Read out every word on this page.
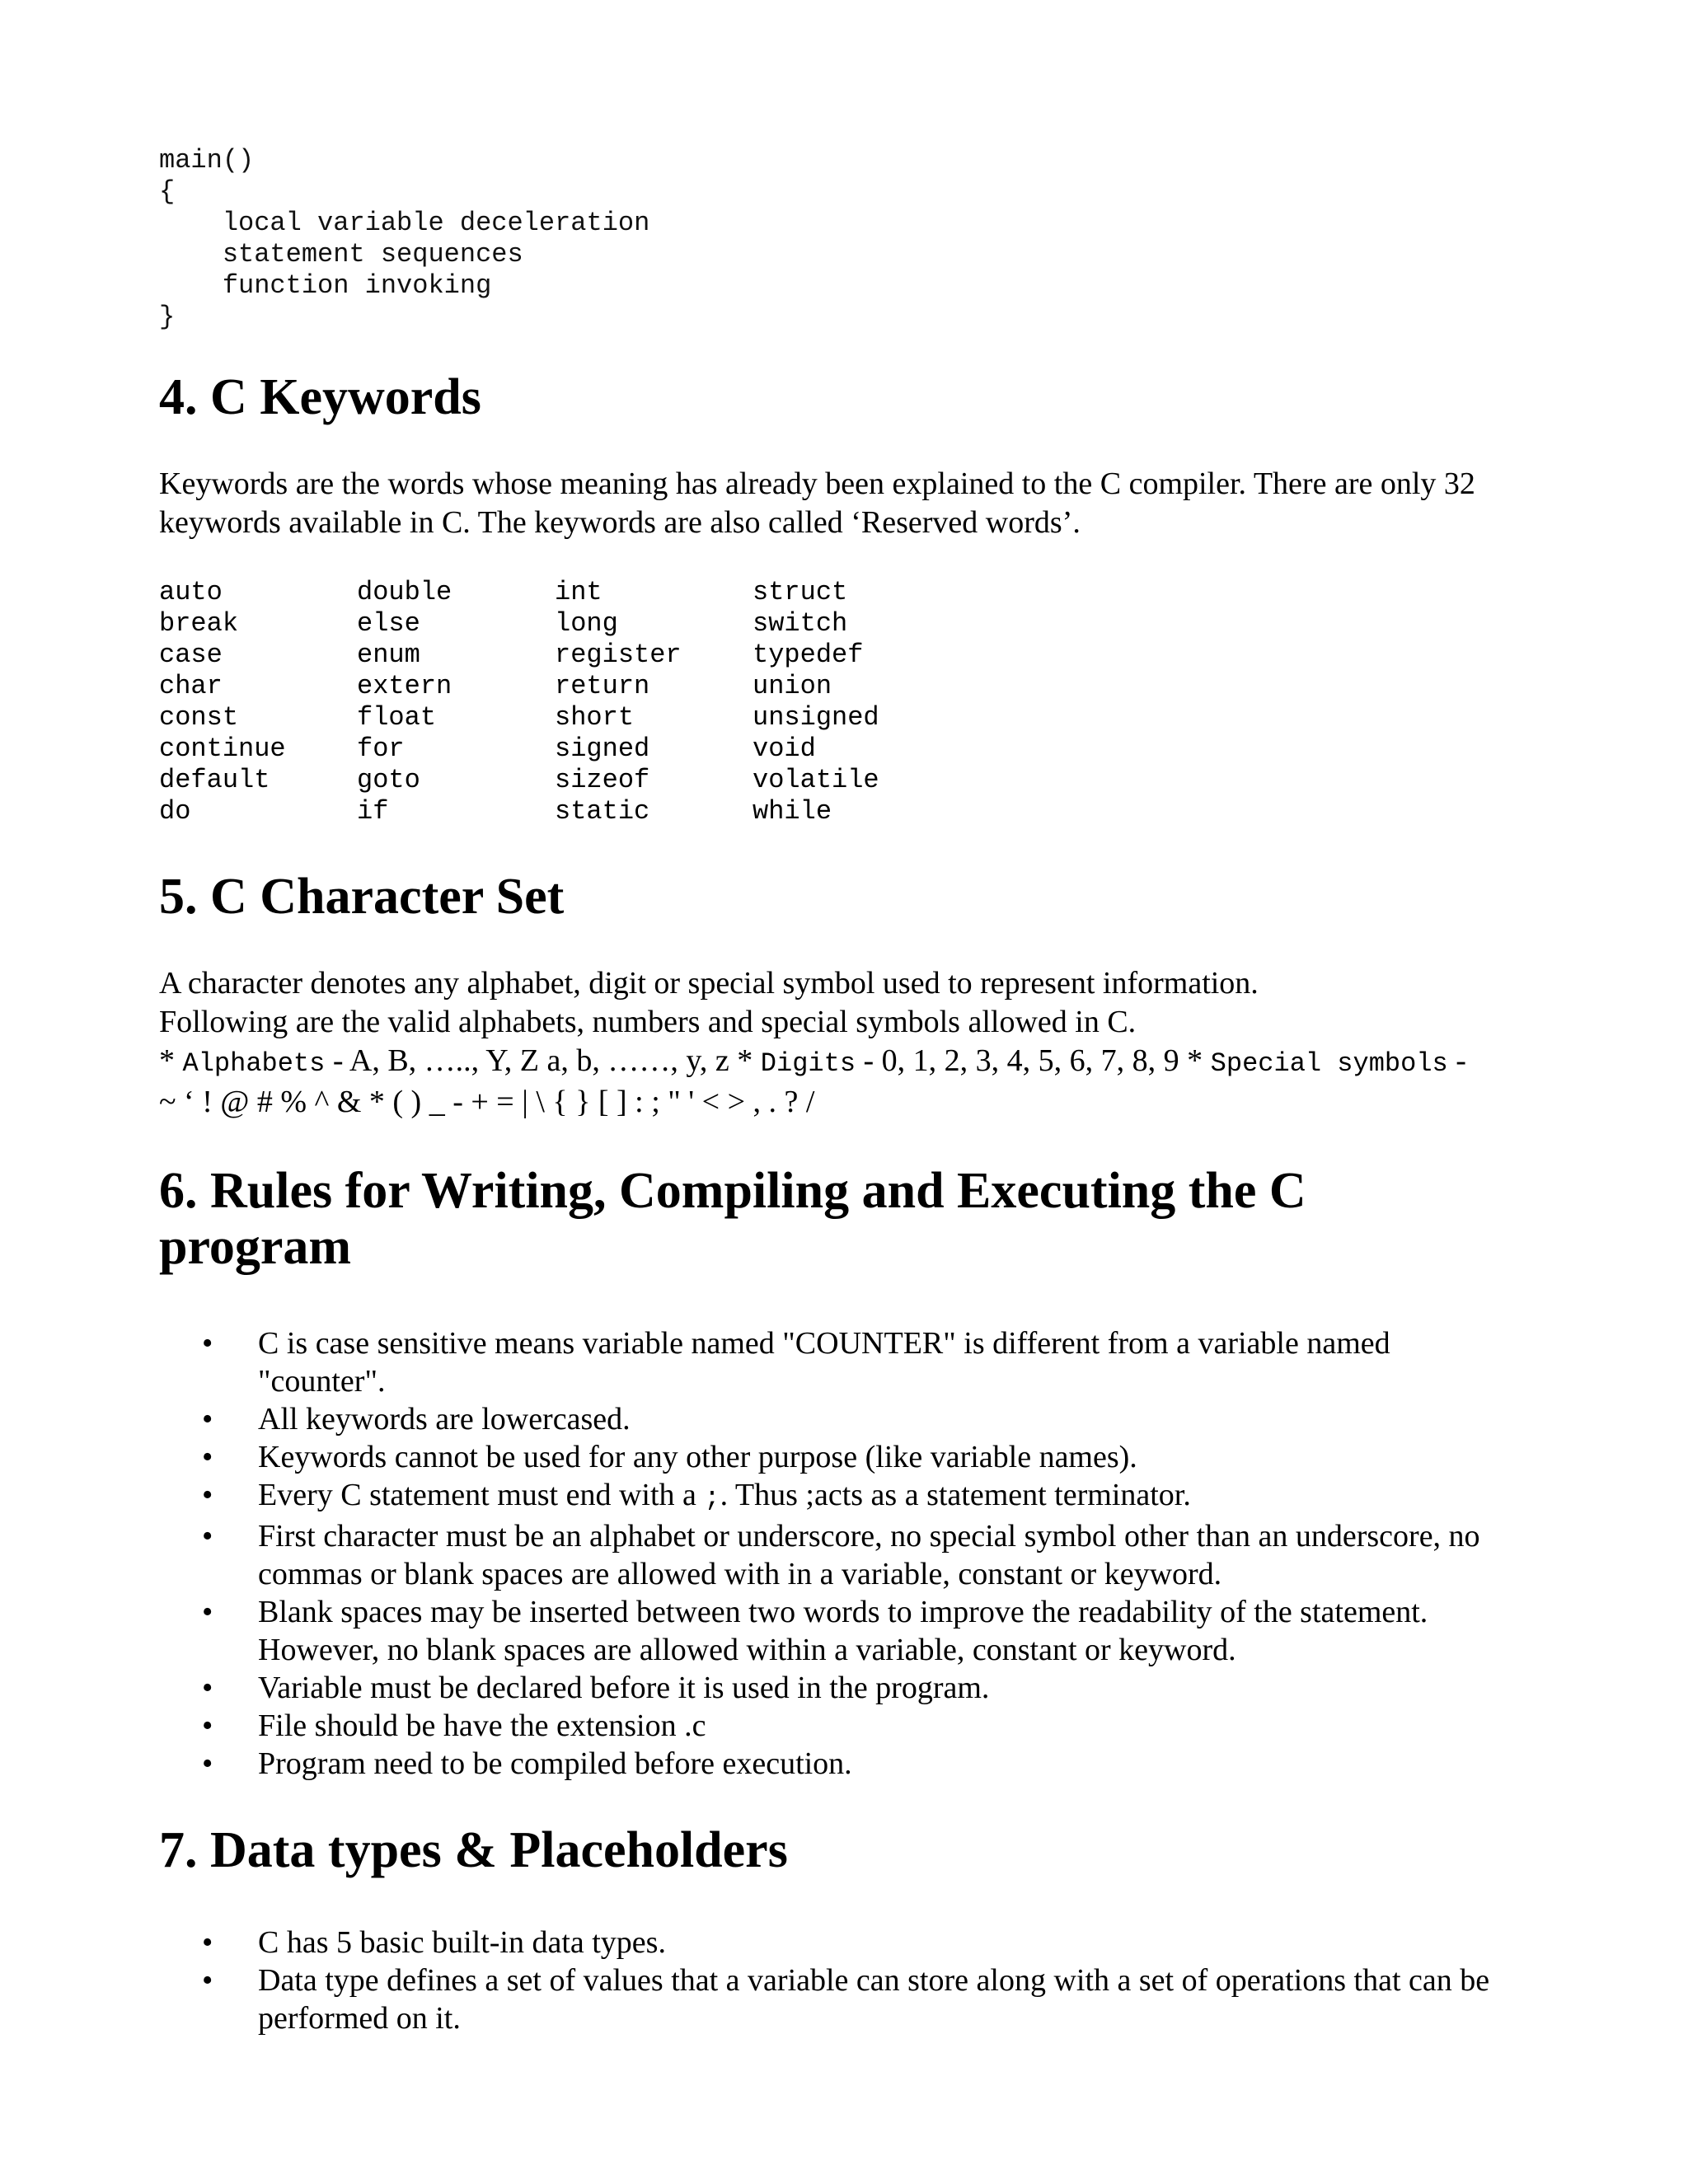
main()
{
local variable deceleration
statement sequences
function invoking
}
4. C Keywords

Keywords are the words whose meaning has already been explained to the C compiler. There are only 32 keywords available in C. The keywords are also called ‘Reserved words’.

auto	double	int	struct
break	else	long	switch
case	enum	register	typedef
char	extern	return	union
const	float	short	unsigned
continue	for	signed	void
default	goto	sizeof	volatile
do	if	static	while
5. C Character Set

A character denotes any alphabet, digit or special symbol used to represent information.
Following are the valid alphabets, numbers and special symbols allowed in C.

* Alphabets - A, B, ….., Y, Z a, b, ……, y, z * Digits - 0, 1, 2, 3, 4, 5, 6, 7, 8, 9 * Special symbols - ~ ‘ ! @ # % ^ & * ( ) _ - + = | \ { } [ ] : ; " ' < > , . ? /

6. Rules for Writing, Compiling and Executing the C program
• C is case sensitive means variable named "COUNTER" is different from a variable named "counter".
• All keywords are lowercased.
• Keywords cannot be used for any other purpose (like variable names).
• Every C statement must end with a ;. Thus ;acts as a statement terminator.
• First character must be an alphabet or underscore, no special symbol other than an underscore, no commas or blank spaces are allowed with in a variable, constant or keyword.
• Blank spaces may be inserted between two words to improve the readability of the statement. However, no blank spaces are allowed within a variable, constant or keyword.
• Variable must be declared before it is used in the program.
• File should be have the extension .c
• Program need to be compiled before execution.
7. Data types & Placeholders
• C has 5 basic built-in data types.
• Data type defines a set of values that a variable can store along with a set of operations that can be performed on it.
